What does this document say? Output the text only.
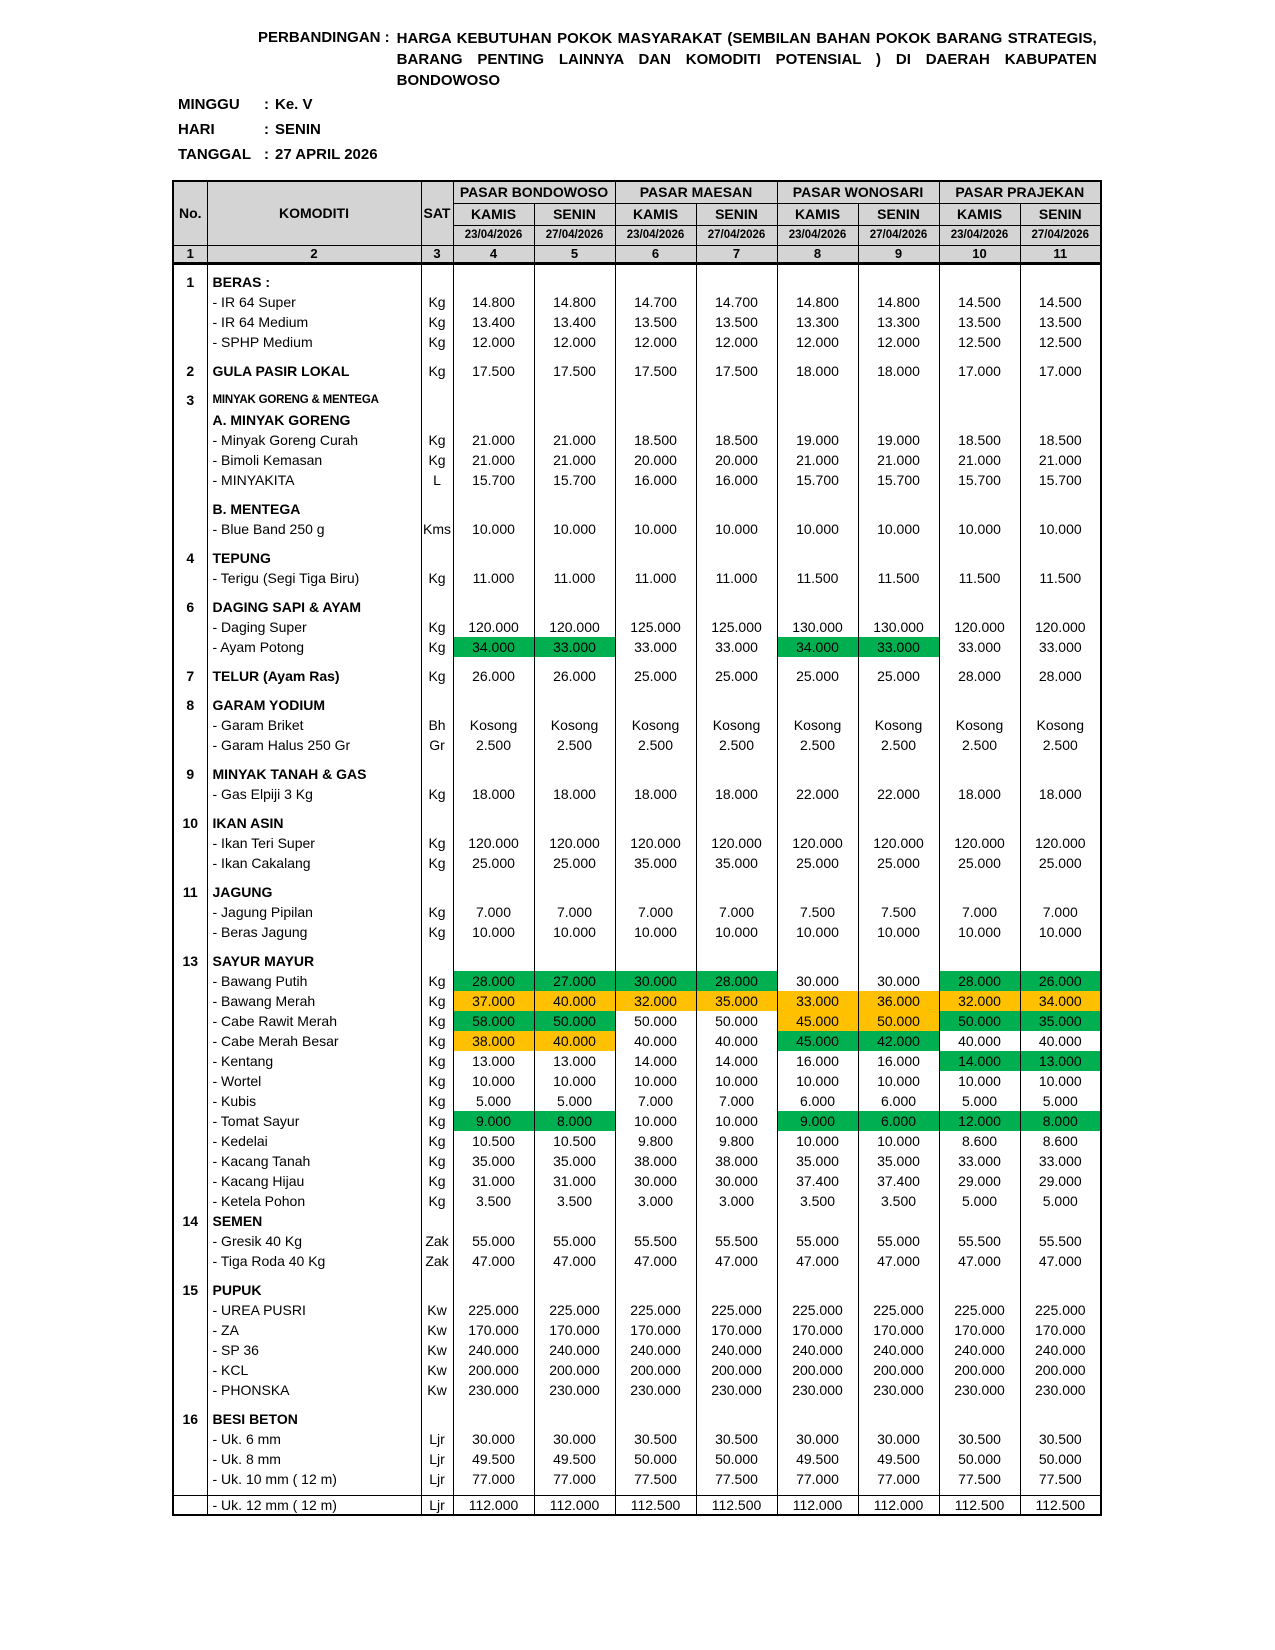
PERBANDINGAN : HARGA KEBUTUHAN POKOK MASYARAKAT (SEMBILAN BAHAN POKOK BARANG STRATEGIS, BARANG PENTING LAINNYA DAN KOMODITI POTENSIAL ) DI DAERAH KABUPATEN BONDOWOSO
MINGGU : Ke. V
HARI	: SENIN
TANGGAL : 27 APRIL 2026
No.	KOMODITI	SAT	PASAR BONDOWOSO		PASAR MAESAN		PASAR WONOSARI		PASAR PRAJEKAN	
			KAMIS	SENIN	KAMIS	SENIN	KAMIS	SENIN	KAMIS	SENIN
			23/04/2026	27/04/2026	23/04/2026	27/04/2026	23/04/2026	27/04/2026	23/04/2026	27/04/2026
1	2	3	4	5	6	7	8	9	10	11

1	BERAS :									
	- IR 64 Super	Kg	14.800	14.800	14.700	14.700	14.800	14.800	14.500	14.500
	- IR 64 Medium	Kg	13.400	13.400	13.500	13.500	13.300	13.300	13.500	13.500
	- SPHP Medium	Kg	12.000	12.000	12.000	12.000	12.000	12.000	12.500	12.500

2	GULA PASIR LOKAL	Kg	17.500	17.500	17.500	17.500	18.000	18.000	17.000	17.000

3	MINYAK GORENG & MENTEGA									
	A. MINYAK GORENG									
	- Minyak Goreng Curah	Kg	21.000	21.000	18.500	18.500	19.000	19.000	18.500	18.500
	- Bimoli Kemasan	Kg	21.000	21.000	20.000	20.000	21.000	21.000	21.000	21.000
	- MINYAKITA	L	15.700	15.700	16.000	16.000	15.700	15.700	15.700	15.700

	B. MENTEGA									
	- Blue Band 250 g	Kms	10.000	10.000	10.000	10.000	10.000	10.000	10.000	10.000

4	TEPUNG									
	- Terigu (Segi Tiga Biru)	Kg	11.000	11.000	11.000	11.000	11.500	11.500	11.500	11.500

6	DAGING SAPI & AYAM									
	- Daging Super	Kg	120.000	120.000	125.000	125.000	130.000	130.000	120.000	120.000
	- Ayam Potong	Kg	34.000	33.000	33.000	33.000	34.000	33.000	33.000	33.000

7	TELUR (Ayam Ras)	Kg	26.000	26.000	25.000	25.000	25.000	25.000	28.000	28.000

8	GARAM YODIUM									
	- Garam Briket	Bh	Kosong	Kosong	Kosong	Kosong	Kosong	Kosong	Kosong	Kosong
	- Garam Halus 250 Gr	Gr	2.500	2.500	2.500	2.500	2.500	2.500	2.500	2.500

9	MINYAK TANAH & GAS									
	- Gas Elpiji 3 Kg	Kg	18.000	18.000	18.000	18.000	22.000	22.000	18.000	18.000

10	IKAN ASIN									
	- Ikan Teri Super	Kg	120.000	120.000	120.000	120.000	120.000	120.000	120.000	120.000
	- Ikan Cakalang	Kg	25.000	25.000	35.000	35.000	25.000	25.000	25.000	25.000

11	JAGUNG									
	- Jagung Pipilan	Kg	7.000	7.000	7.000	7.000	7.500	7.500	7.000	7.000
	- Beras Jagung	Kg	10.000	10.000	10.000	10.000	10.000	10.000	10.000	10.000

13	SAYUR MAYUR									
	- Bawang Putih	Kg	28.000	27.000	30.000	28.000	30.000	30.000	28.000	26.000
	- Bawang Merah	Kg	37.000	40.000	32.000	35.000	33.000	36.000	32.000	34.000
	- Cabe Rawit Merah	Kg	58.000	50.000	50.000	50.000	45.000	50.000	50.000	35.000
	- Cabe Merah Besar	Kg	38.000	40.000	40.000	40.000	45.000	42.000	40.000	40.000
	- Kentang	Kg	13.000	13.000	14.000	14.000	16.000	16.000	14.000	13.000
	- Wortel	Kg	10.000	10.000	10.000	10.000	10.000	10.000	10.000	10.000
	- Kubis	Kg	5.000	5.000	7.000	7.000	6.000	6.000	5.000	5.000
	- Tomat Sayur	Kg	9.000	8.000	10.000	10.000	9.000	6.000	12.000	8.000
	- Kedelai	Kg	10.500	10.500	9.800	9.800	10.000	10.000	8.600	8.600
	- Kacang Tanah	Kg	35.000	35.000	38.000	38.000	35.000	35.000	33.000	33.000
	- Kacang Hijau	Kg	31.000	31.000	30.000	30.000	37.400	37.400	29.000	29.000
	- Ketela Pohon	Kg	3.500	3.500	3.000	3.000	3.500	3.500	5.000	5.000
14	SEMEN									
	- Gresik 40 Kg	Zak	55.000	55.000	55.500	55.500	55.000	55.000	55.500	55.500
	- Tiga Roda 40 Kg	Zak	47.000	47.000	47.000	47.000	47.000	47.000	47.000	47.000

15	PUPUK									
	- UREA PUSRI	Kw	225.000	225.000	225.000	225.000	225.000	225.000	225.000	225.000
	- ZA	Kw	170.000	170.000	170.000	170.000	170.000	170.000	170.000	170.000
	- SP 36	Kw	240.000	240.000	240.000	240.000	240.000	240.000	240.000	240.000
	- KCL	Kw	200.000	200.000	200.000	200.000	200.000	200.000	200.000	200.000
	- PHONSKA	Kw	230.000	230.000	230.000	230.000	230.000	230.000	230.000	230.000

16	BESI BETON									
	- Uk. 6 mm	Ljr	30.000	30.000	30.500	30.500	30.000	30.000	30.500	30.500
	- Uk. 8 mm	Ljr	49.500	49.500	50.000	50.000	49.500	49.500	50.000	50.000
	- Uk. 10 mm ( 12 m)	Ljr	77.000	77.000	77.500	77.500	77.000	77.000	77.500	77.500

	- Uk. 12 mm ( 12 m)	Ljr	112.000	112.000	112.500	112.500	112.000	112.000	112.500	112.500
